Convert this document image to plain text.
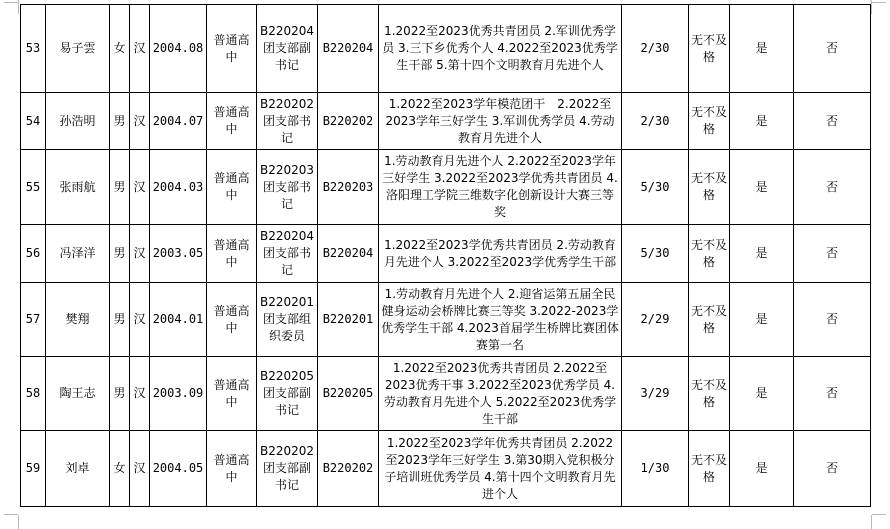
53	易子雲	女	汉	2004.08	普通高中	B220204团支部副书记	B220204	1.2022至2023优秀共青团员 2.军训优秀学员 3.三下乡优秀个人 4.2022至2023优秀学生干部 5.第十四个文明教育月先进个人	2/30	无不及格	是	否
54	孙浩明	男	汉	2004.07	普通高中	B220202团支部书记	B220202	1.2022至2023学年模范团干　2.2022至2023学年三好学生 3.军训优秀学员 4.劳动教育月先进个人	2/30	无不及格	是	否
55	张雨航	男	汉	2004.03	普通高中	B220203团支部书记	B220203	1.劳动教育月先进个人 2.2022至2023学年三好学生 3.2022至2023学优秀共青团员 4.洛阳理工学院三维数字化创新设计大赛三等奖	5/30	无不及格	是	否
56	冯泽洋	男	汉	2003.05	普通高中	B220204团支部书记	B220204	1.2022至2023学优秀共青团员 2.劳动教育月先进个人 3.2022至2023学优秀学生干部	5/30	无不及格	是	否
57	樊翔	男	汉	2004.01	普通高中	B220201团支部组织委员	B220201	1.劳动教育月先进个人 2.迎省运第五届全民健身运动会桥牌比赛三等奖 3.2022-2023学优秀学生干部 4.2023首届学生桥牌比赛团体赛第一名	2/29	无不及格	是	否
58	陶王志	男	汉	2003.09	普通高中	B220205团支部副书记	B220205	1.2022至2023优秀共青团员 2.2022至2023优秀干事 3.2022至2023优秀学员 4.劳动教育月先进个人 5.2022至2023优秀学生干部	3/29	无不及格	是	否
59	刘卓	女	汉	2004.05	普通高中	B220202团支部副书记	B220202	1.2022至2023学年优秀共青团员 2.2022至2023学年三好学生 3.第30期入党积极分子培训班优秀学员 4.第十四个文明教育月先进个人	1/30	无不及格	是	否
